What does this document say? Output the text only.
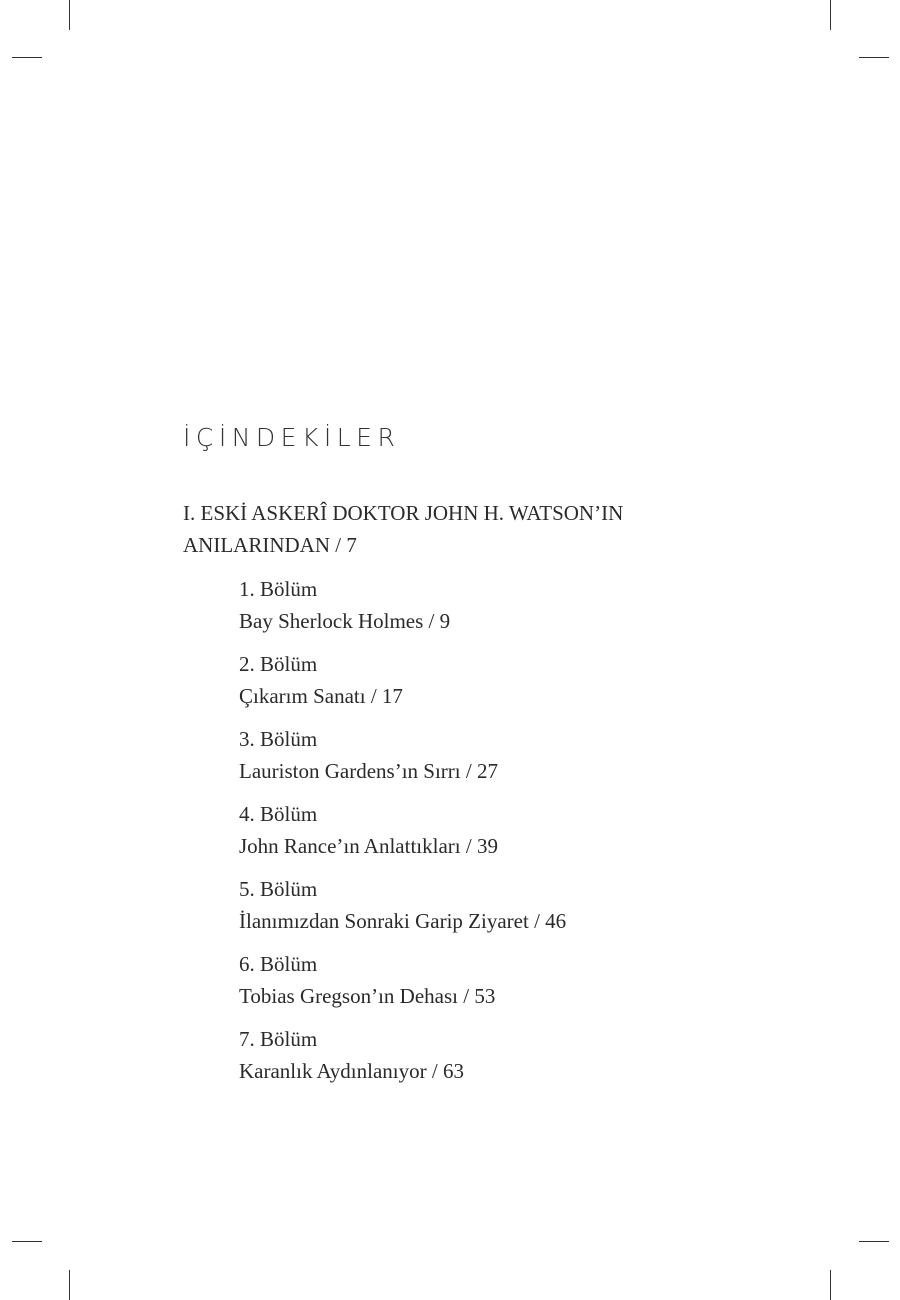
İÇİNDEKİLER

I. ESKİ ASKERÎ DOKTOR JOHN H. WATSON’IN ANILARINDAN / 7

1. Bölüm
Bay Sherlock Holmes / 9
2. Bölüm
Çıkarım Sanatı / 17
3. Bölüm
Lauriston Gardens’ın Sırrı / 27
4. Bölüm
John Rance’ın Anlattıkları / 39
5. Bölüm
İlanımızdan Sonraki Garip Ziyaret / 46
6. Bölüm
Tobias Gregson’ın Dehası / 53
7. Bölüm
Karanlık Aydınlanıyor / 63
